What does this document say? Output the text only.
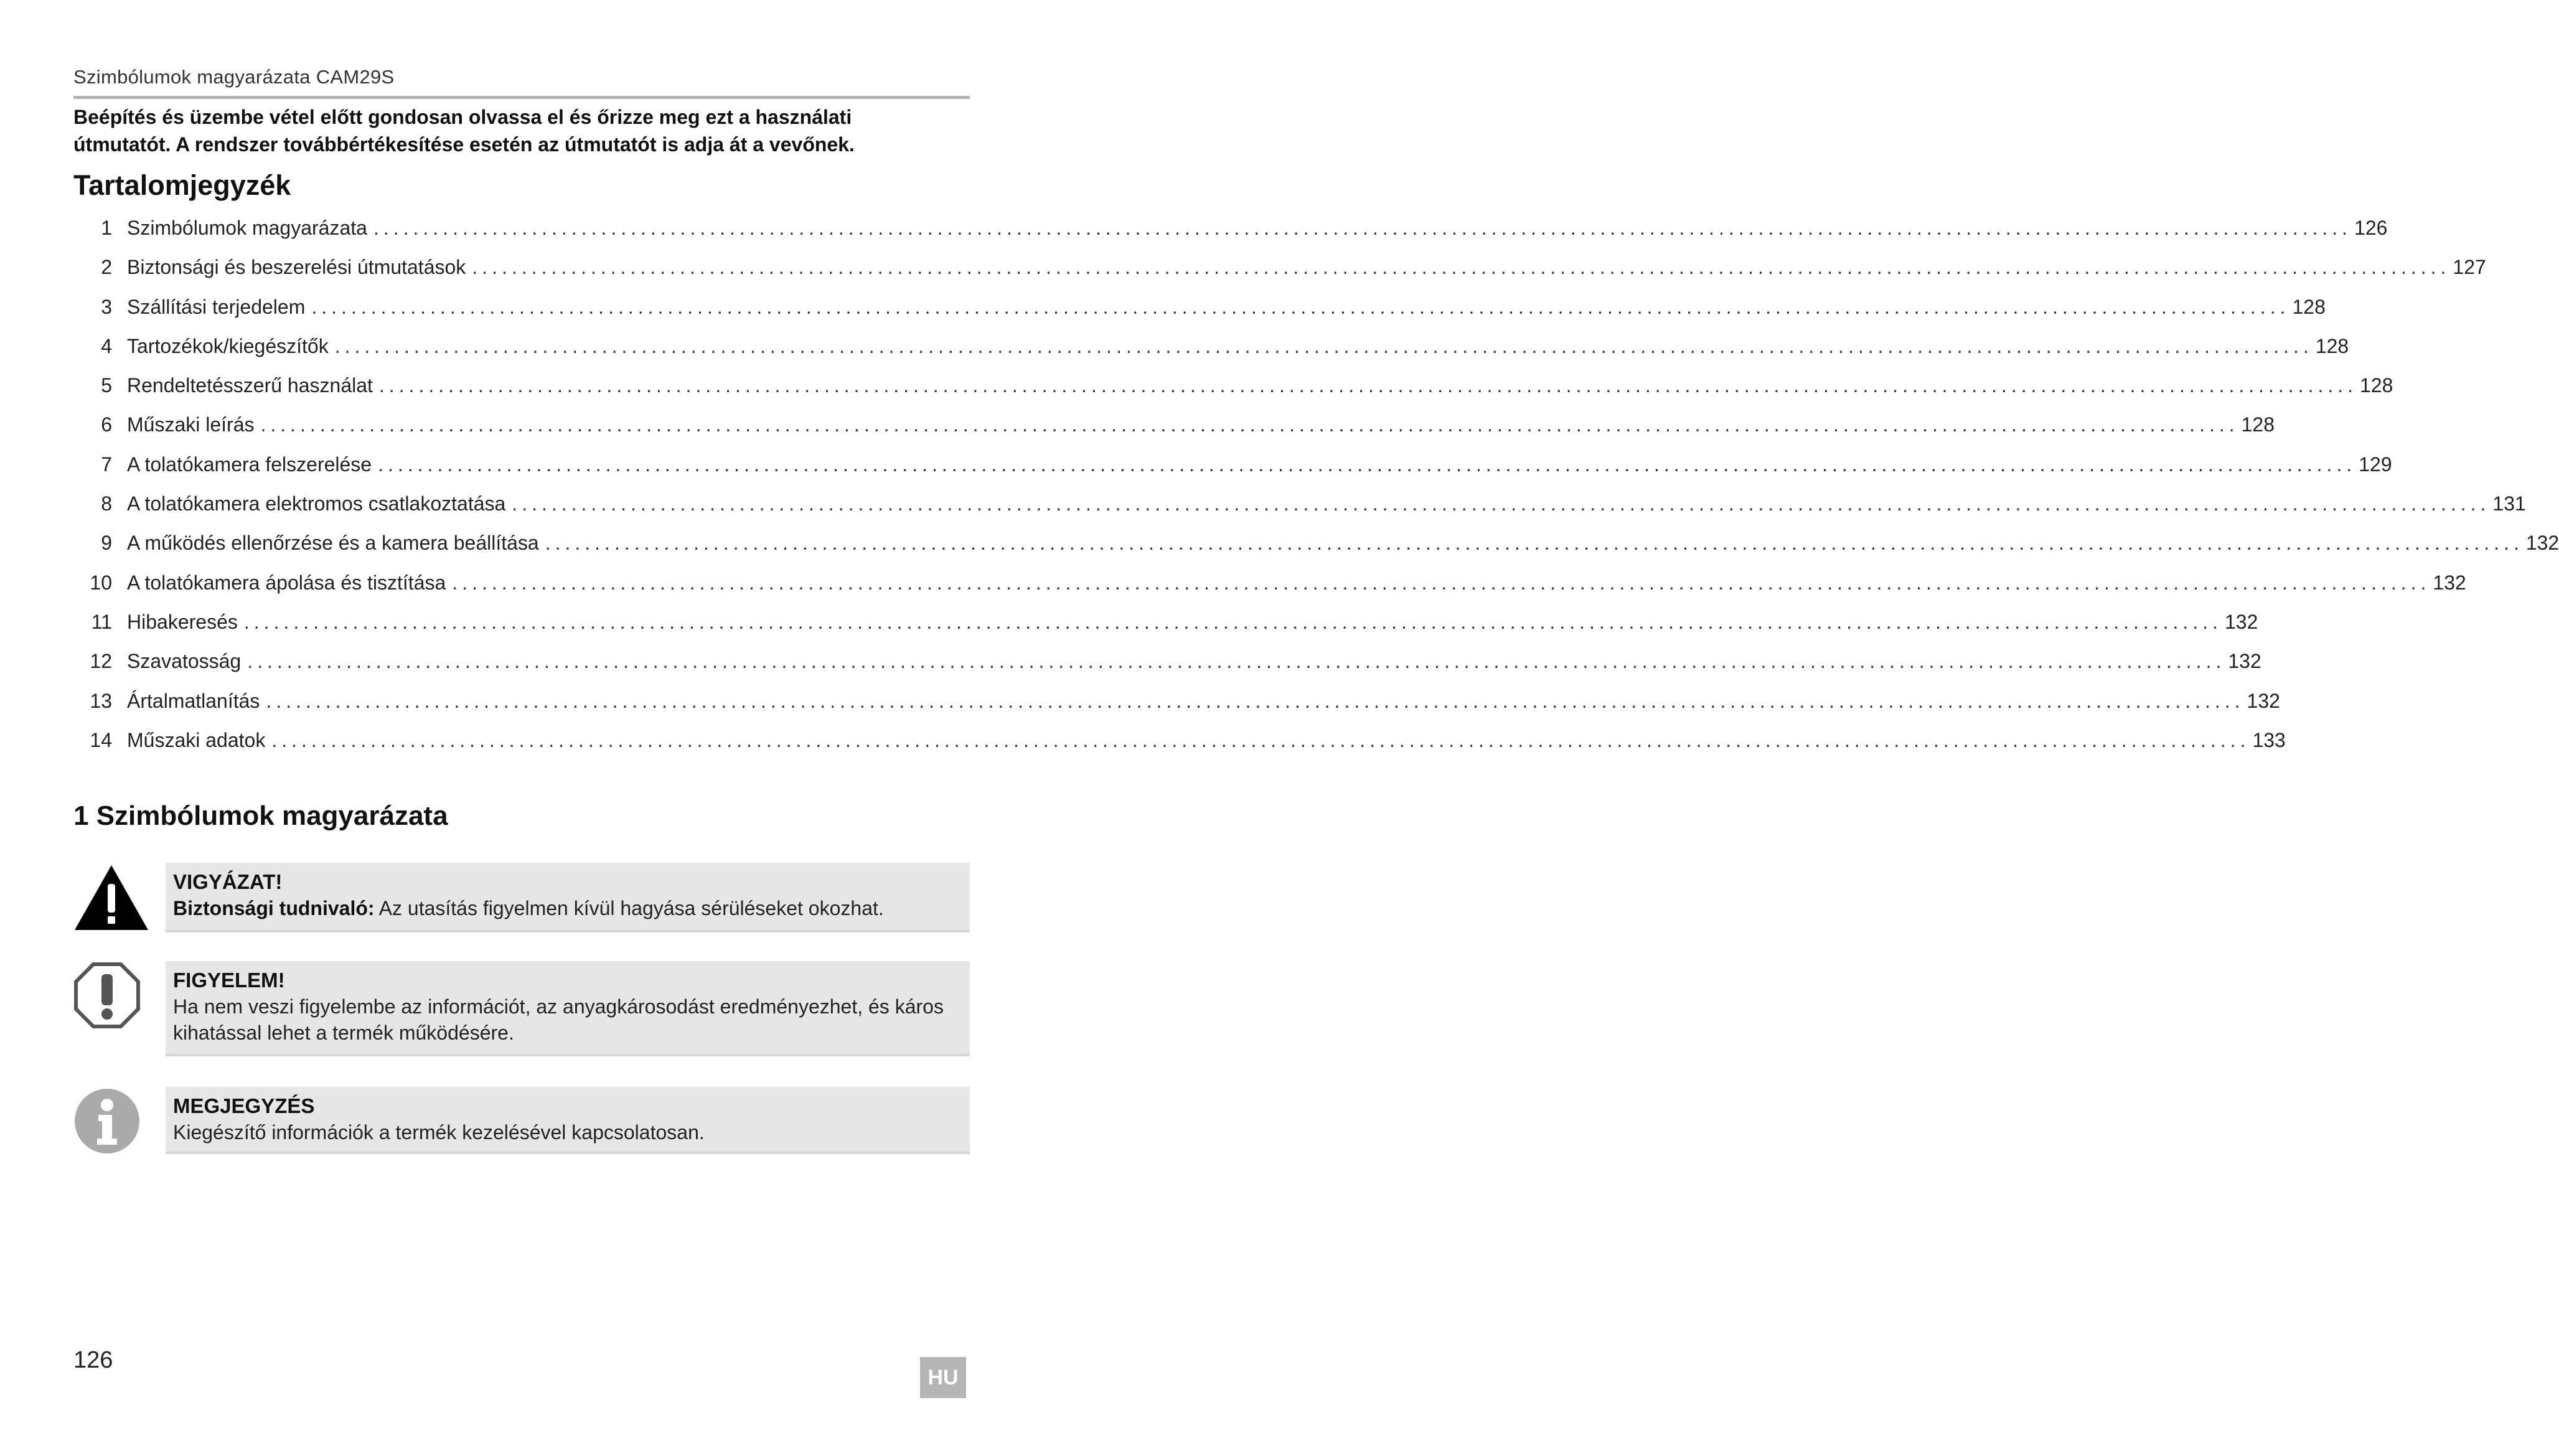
Szimbólumok magyarázata CAM29S
Beépítés és üzembe vétel előtt gondosan olvassa el és őrizze meg ezt a használati
útmutatót. A rendszer továbbértékesítése esetén az útmutatót is adja át a vevőnek.
Tartalomjegyzék
1 Szimbólumok magyarázata ........................................................................................................................................................................................................ 126
2 Biztonsági és beszerelési útmutatások ........................................................................................................................................................................................................ 127
3 Szállítási terjedelem ........................................................................................................................................................................................................ 128
4 Tartozékok/kiegészítők ........................................................................................................................................................................................................ 128
5 Rendeltetésszerű használat ........................................................................................................................................................................................................ 128
6 Műszaki leírás ........................................................................................................................................................................................................ 128
7 A tolatókamera felszerelése ........................................................................................................................................................................................................ 129
8 A tolatókamera elektromos csatlakoztatása ........................................................................................................................................................................................................ 131
9 A működés ellenőrzése és a kamera beállítása ........................................................................................................................................................................................................ 132
10 A tolatókamera ápolása és tisztítása ........................................................................................................................................................................................................ 132
11 Hibakeresés ........................................................................................................................................................................................................ 132
12 Szavatosság ........................................................................................................................................................................................................ 132
13 Ártalmatlanítás ........................................................................................................................................................................................................ 132
14 Műszaki adatok ........................................................................................................................................................................................................ 133
1 Szimbólumok magyarázata
VIGYÁZAT!
Biztonsági tudnivaló: Az utasítás figyelmen kívül hagyása sérüléseket okozhat.
FIGYELEM!
Ha nem veszi figyelembe az információt, az anyagkárosodást eredményezhet, és káros
kihatással lehet a termék működésére.
MEGJEGYZÉS
Kiegészítő információk a termék kezelésével kapcsolatosan.
126
HU
